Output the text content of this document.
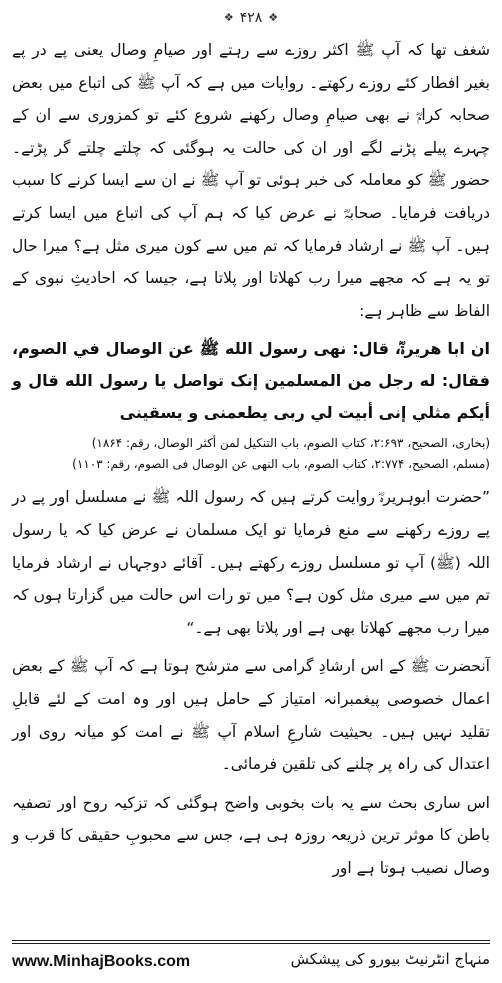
❖ ۴۲۸ ❖

شغف تھا کہ آپ ﷺ اکثر روزے سے رہتے اور صیامِ وصال یعنی پے در پے بغیر افطار کئے روزے رکھتے۔ روایات میں ہے کہ آپ ﷺ کی اتباع میں بعض صحابہ کرامؓ نے بھی صیامِ وصال رکھنے شروع کئے تو کمزوری سے ان کے چہرے پیلے پڑنے لگے اور ان کی حالت یہ ہوگئی کہ چلتے چلتے گر پڑتے۔ حضور ﷺ کو معاملہ کی خبر ہوئی تو آپ ﷺ نے ان سے ایسا کرنے کا سبب دریافت فرمایا۔ صحابہؓ نے عرض کیا کہ ہم آپ کی اتباع میں ایسا کرتے ہیں۔ آپ ﷺ نے ارشاد فرمایا کہ تم میں سے کون میری مثل ہے؟ میرا حال تو یہ ہے کہ مجھے میرا رب کھلاتا اور پلاتا ہے، جیسا کہ احادیثِ نبوی کے الفاظ سے ظاہر ہے:

ان ابا هريرةؓ، قال: نهى رسول الله ﷺ عن الوصال في الصوم، فقال: له رجل من المسلمين إنک تواصل يا رسول الله قال و أيکم مثلي إنى أبيت لي ربى يطعمنى و يسقينى

(بخاری، الصحیح، ۲:۶۹۳، کتاب الصوم، باب التنکیل لمن أکثر الوصال، رقم: ۱۸۶۴)

(مسلم، الصحیح، ۲:۷۷۴، کتاب الصوم، باب النهی عن الوصال فی الصوم، رقم: ۱۱۰۳)

”حضرت ابوہریرہؓ روایت کرتے ہیں کہ رسول اللہ ﷺ نے مسلسل اور پے در پے روزے رکھنے سے منع فرمایا تو ایک مسلمان نے عرض کیا کہ یا رسول اللہ (ﷺ) آپ تو مسلسل روزے رکھتے ہیں۔ آقائے دوجہاں نے ارشاد فرمایا تم میں سے میری مثل کون ہے؟ میں تو رات اس حالت میں گزارتا ہوں کہ میرا رب مجھے کھلاتا بھی ہے اور پلاتا بھی ہے۔“

آنحضرت ﷺ کے اس ارشادِ گرامی سے مترشح ہوتا ہے کہ آپ ﷺ کے بعض اعمال خصوصی پیغمبرانہ امتیاز کے حامل ہیں اور وہ امت کے لئے قابلِ تقلید نہیں ہیں۔ بحیثیت شارعِ اسلام آپ ﷺ نے امت کو میانہ روی اور اعتدال کی راہ پر چلنے کی تلقین فرمائی۔

اس ساری بحث سے یہ بات بخوبی واضح ہوگئی کہ تزکیہ روح اور تصفیہ باطن کا موثر ترین ذریعہ روزہ ہی ہے، جس سے محبوبِ حقیقی کا قرب و وصال نصیب ہوتا ہے اور

www.MinhajBooks.com	منہاج انٹرنیٹ بیورو کی پیشکش
